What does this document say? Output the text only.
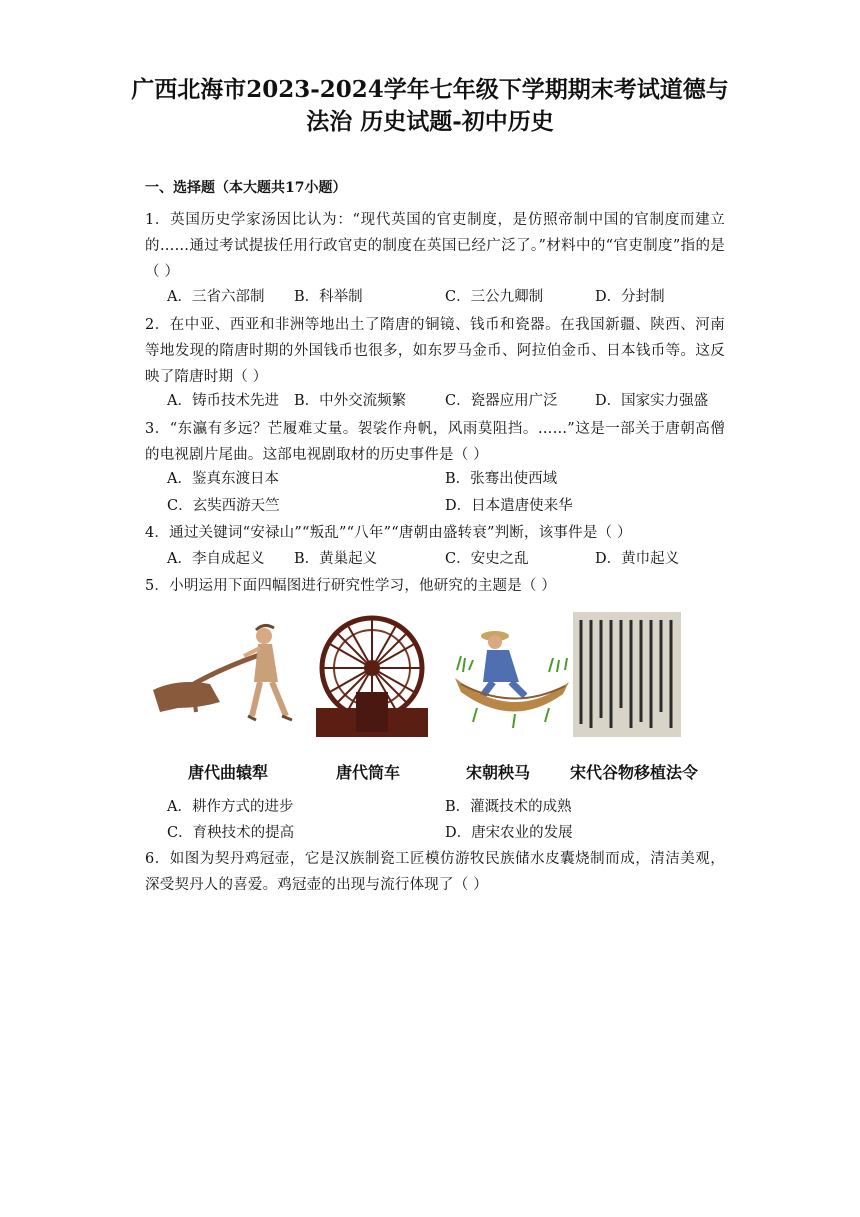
广西北海市2023-2024学年七年级下学期期末考试道德与
法治 历史试题-初中历史
一、选择题（本大题共17小题）
1．英国历史学家汤因比认为：“现代英国的官吏制度，是仿照帝制中国的官制度而建立的……通过考试提拔任用行政官吏的制度在英国已经广泛了。”材料中的“官吏制度”指的是（ ）
A．三省六部制 B．科举制	C．三公九卿制	D．分封制
2．在中亚、西亚和非洲等地出土了隋唐的铜镜、钱币和瓷器。在我国新疆、陕西、河南等地发现的隋唐时期的外国钱币也很多，如东罗马金币、阿拉伯金币、日本钱币等。这反映了隋唐时期（ ）
A．铸币技术先进 B．中外交流频繁	C．瓷器应用广泛	D．国家实力强盛
3．“东瀛有多远？芒履难丈量。袈裟作舟帆，风雨莫阻挡。……”这是一部关于唐朝高僧的电视剧片尾曲。这部电视剧取材的历史事件是（ ）
A．鉴真东渡日本	B．张骞出使西域
C．玄奘西游天竺	D．日本遣唐使来华
4．通过关键词“安禄山”“叛乱”“八年”“唐朝由盛转衰”判断，该事件是（ ）
A．李自成起义 B．黄巢起义	C．安史之乱	D．黄巾起义
5．小明运用下面四幅图进行研究性学习，他研究的主题是（ ）
唐代曲辕犁	唐代筒车	宋朝秧马 宋代谷物移植法令
A．耕作方式的进步	B．灌溉技术的成熟
C．育秧技术的提高	D．唐宋农业的发展
6．如图为契丹鸡冠壶，它是汉族制瓷工匠模仿游牧民族储水皮囊烧制而成，清洁美观，深受契丹人的喜爱。鸡冠壶的出现与流行体现了（ ）
